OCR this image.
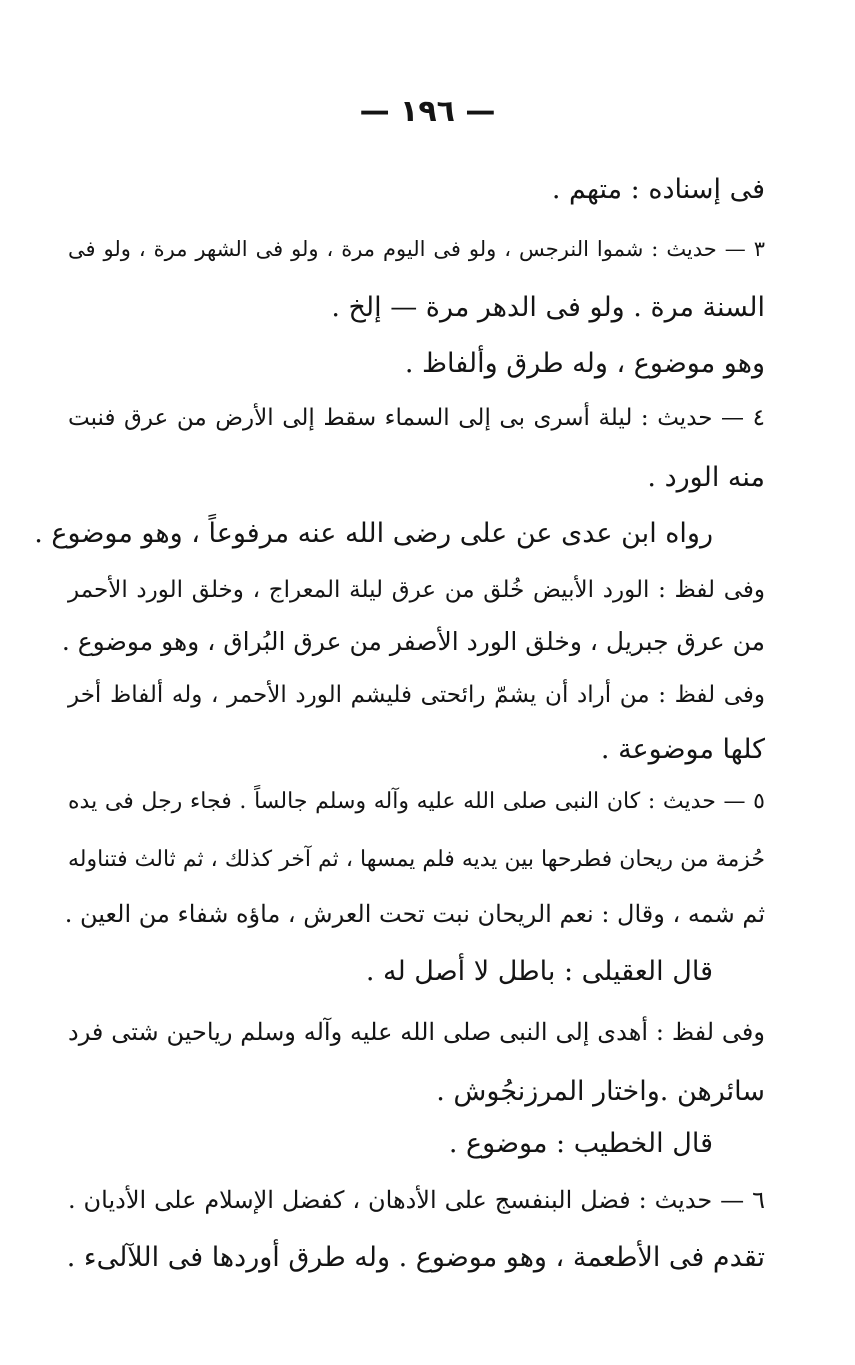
— ١٩٦ —
فى إسناده : متهم .
٣ — حديث : شموا النرجس ، ولو فى اليوم مرة ، ولو فى الشهر مرة ، ولو فى
السنة مرة . ولو فى الدهر مرة — إلخ .
وهو موضوع ، وله طرق وألفاظ .
٤ — حديث : ليلة أسرى بى إلى السماء سقط إلى الأرض من عرق فنبت
منه الورد .
رواه ابن عدى عن على رضى الله عنه مرفوعاً ، وهو موضوع .
وفى لفظ : الورد الأبيض خُلق من عرق ليلة المعراج ، وخلق الورد الأحمر
من عرق جبريل ، وخلق الورد الأصفر من عرق البُراق ، وهو موضوع .
وفى لفظ : من أراد أن يشمّ رائحتى فليشم الورد الأحمر ، وله ألفاظ أخر
كلها موضوعة .
٥ — حديث : كان النبى صلى الله عليه وآله وسلم جالساً . فجاء رجل فى يده
حُزمة من ريحان فطرحها بين يديه فلم يمسها ، ثم آخر كذلك ، ثم ثالث فتناوله
ثم شمه ، وقال : نعم الريحان نبت تحت العرش ، ماؤه شفاء من العين .
قال العقيلى : باطل لا أصل له .
وفى لفظ : أهدى إلى النبى صلى الله عليه وآله وسلم رياحين شتى فرد
سائرهن .واختار المرزنجُوش .
قال الخطيب : موضوع .
٦ — حديث : فضل البنفسج على الأدهان ، كفضل الإسلام على الأديان .
تقدم فى الأطعمة ، وهو موضوع . وله طرق أوردها فى اللآلىء .
